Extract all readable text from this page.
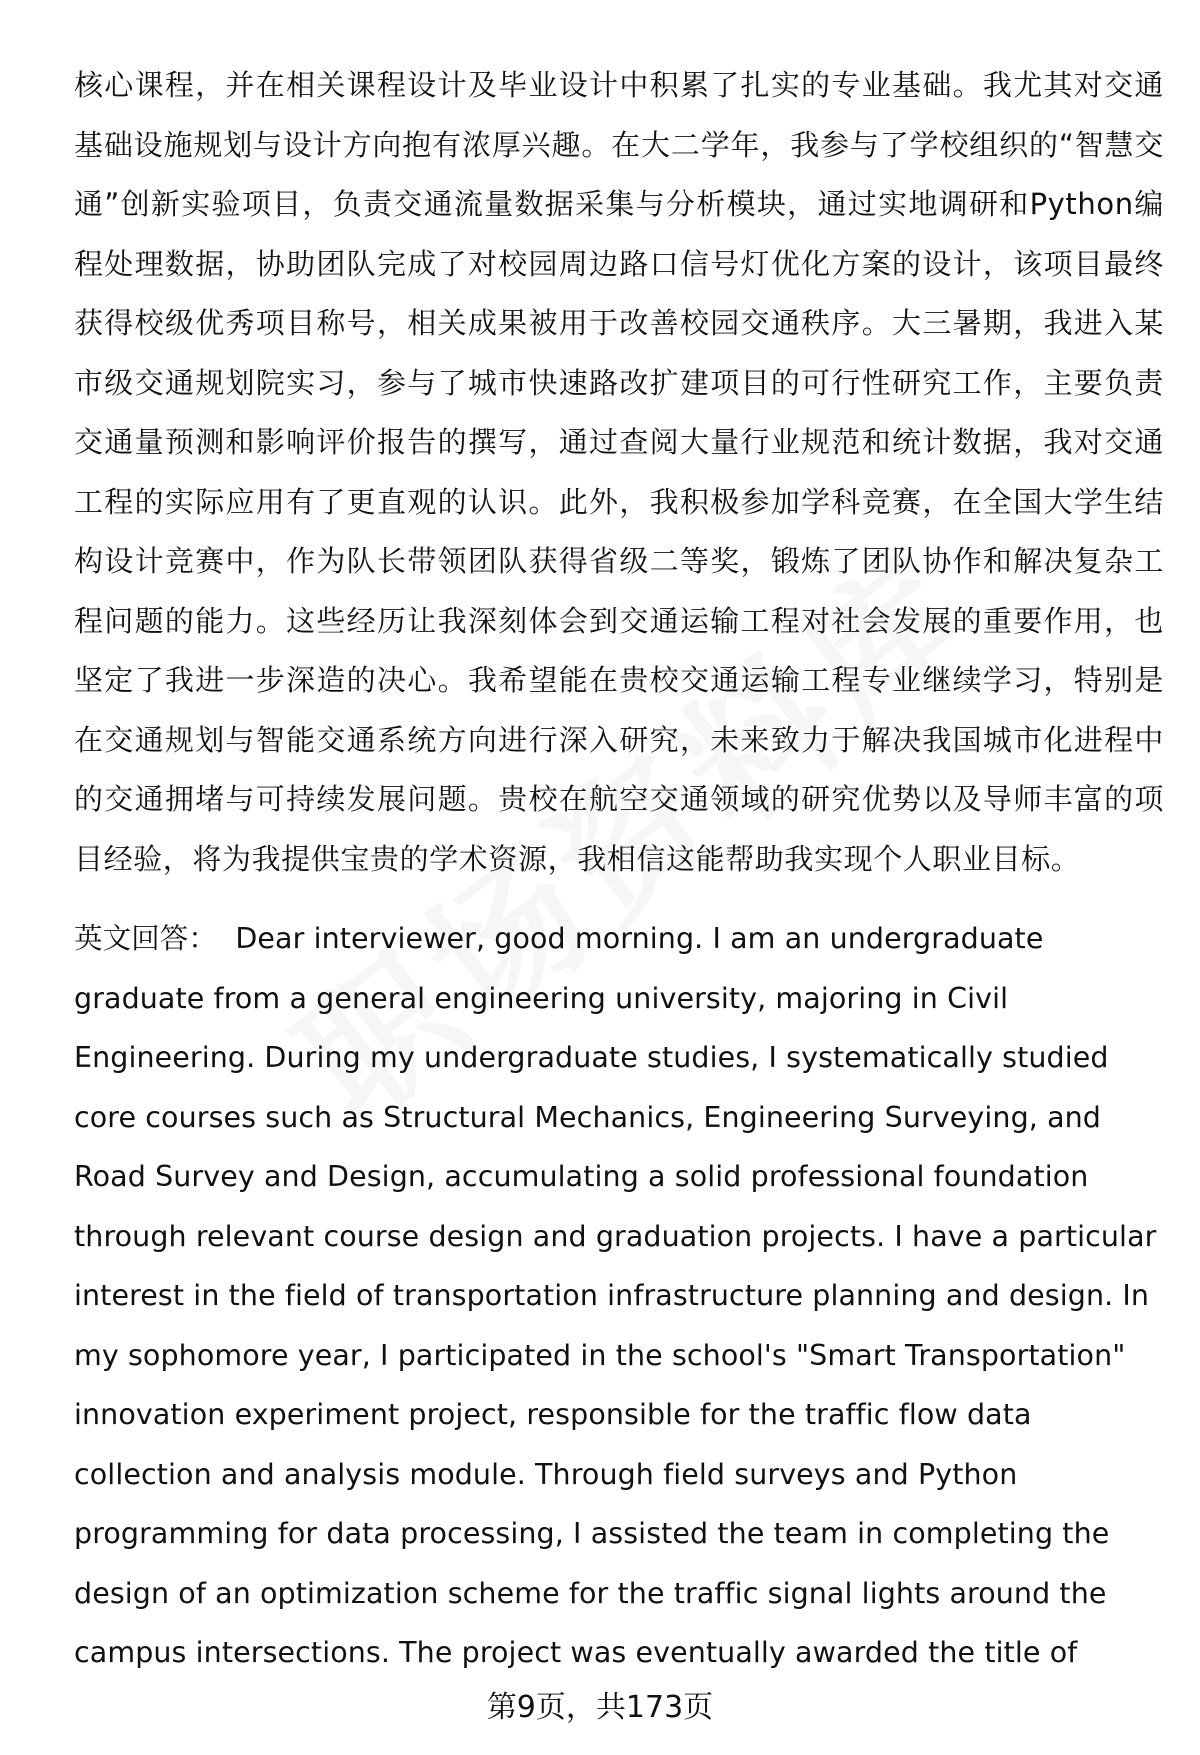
核心课程，并在相关课程设计及毕业设计中积累了扎实的专业基础。我尤其对交通基础设施规划与设计方向抱有浓厚兴趣。在大二学年，我参与了学校组织的“智慧交通”创新实验项目，负责交通流量数据采集与分析模块，通过实地调研和Python编程处理数据，协助团队完成了对校园周边路口信号灯优化方案的设计，该项目最终获得校级优秀项目称号，相关成果被用于改善校园交通秩序。大三暑期，我进入某市级交通规划院实习，参与了城市快速路改扩建项目的可行性研究工作，主要负责交通量预测和影响评价报告的撰写，通过查阅大量行业规范和统计数据，我对交通工程的实际应用有了更直观的认识。此外，我积极参加学科竞赛，在全国大学生结构设计竞赛中，作为队长带领团队获得省级二等奖，锻炼了团队协作和解决复杂工程问题的能力。这些经历让我深刻体会到交通运输工程对社会发展的重要作用，也坚定了我进一步深造的决心。我希望能在贵校交通运输工程专业继续学习，特别是在交通规划与智能交通系统方向进行深入研究，未来致力于解决我国城市化进程中的交通拥堵与可持续发展问题。贵校在航空交通领域的研究优势以及导师丰富的项目经验，将为我提供宝贵的学术资源，我相信这能帮助我实现个人职业目标。

英文回答： Dear interviewer, good morning. I am an undergraduate graduate from a general engineering university, majoring in Civil Engineering. During my undergraduate studies, I systematically studied core courses such as Structural Mechanics, Engineering Surveying, and Road Survey and Design, accumulating a solid professional foundation through relevant course design and graduation projects. I have a particular interest in the field of transportation infrastructure planning and design. In my sophomore year, I participated in the school's "Smart Transportation" innovation experiment project, responsible for the traffic flow data collection and analysis module. Through field surveys and Python programming for data processing, I assisted the team in completing the design of an optimization scheme for the traffic signal lights around the campus intersections. The project was eventually awarded the title of

第9页，共173页
